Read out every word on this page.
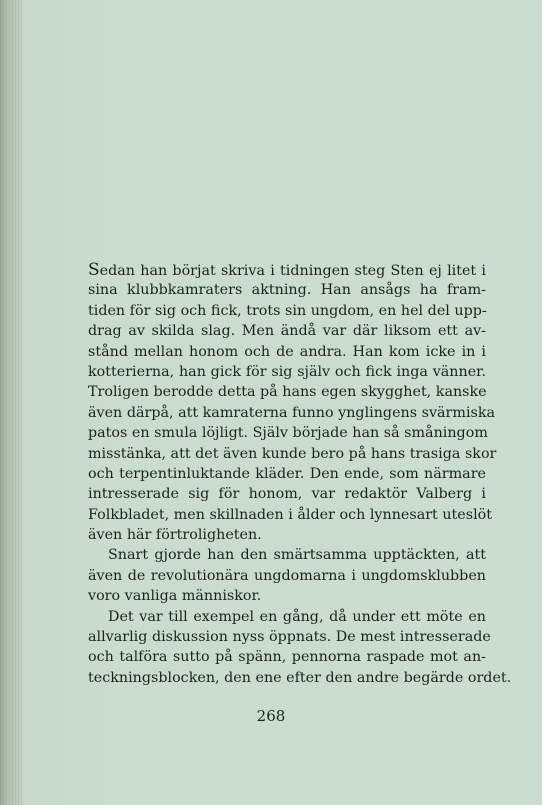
Sedan han börjat skriva i tidningen steg Sten ej litet i
sina klubbkamraters aktning. Han ansågs ha fram-
tiden för sig och fick, trots sin ungdom, en hel del upp-
drag av skilda slag. Men ändå var där liksom ett av-
stånd mellan honom och de andra. Han kom icke in i
kotterierna, han gick för sig själv och fick inga vänner.
Troligen berodde detta på hans egen skygghet, kanske
även därpå, att kamraterna funno ynglingens svärmiska
patos en smula löjligt. Själv började han så småningom
misstänka, att det även kunde bero på hans trasiga skor
och terpentinluktande kläder. Den ende, som närmare
intresserade sig för honom, var redaktör Valberg i
Folkbladet, men skillnaden i ålder och lynnesart uteslöt
även här förtroligheten.
Snart gjorde han den smärtsamma upptäckten, att
även de revolutionära ungdomarna i ungdomsklubben
voro vanliga människor.
Det var till exempel en gång, då under ett möte en
allvarlig diskussion nyss öppnats. De mest intresserade
och talföra sutto på spänn, pennorna raspade mot an-
teckningsblocken, den ene efter den andre begärde ordet.
268
